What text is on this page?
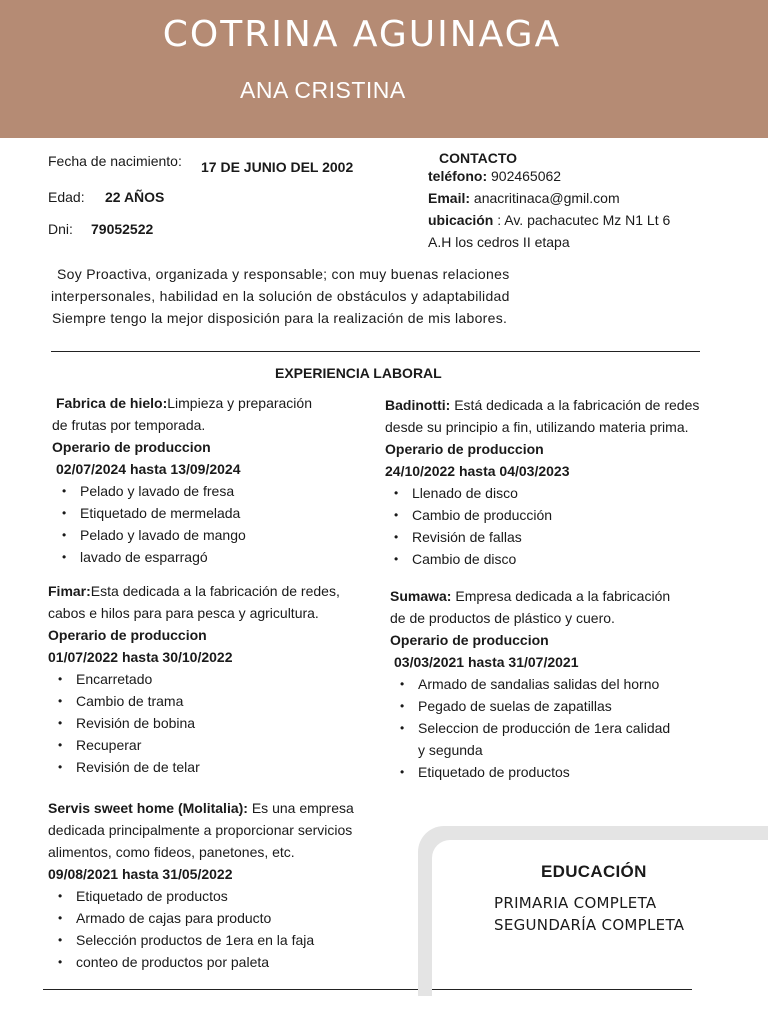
COTRINA AGUINAGA
ANA CRISTINA
Fecha de nacimiento: 17 DE JUNIO DEL 2002
Edad: 22 AÑOS
Dni: 79052522
CONTACTO
teléfono: 902465062
Email: anacritinaca@gmil.com
ubicación : Av. pachacutec Mz N1 Lt 6
A.H los cedros II etapa
Soy Proactiva, organizada y responsable; con muy buenas relaciones
interpersonales, habilidad en la solución de obstáculos y adaptabilidad
Siempre tengo la mejor disposición para la realización de mis labores.
EXPERIENCIA LABORAL
Fabrica de hielo:Limpieza y preparación
de frutas por temporada.
Operario de produccion
02/07/2024 hasta 13/09/2024
• Pelado y lavado de fresa
• Etiquetado de mermelada
• Pelado y lavado de mango
• lavado de esparragó
Badinotti: Está dedicada a la fabricación de redes
desde su principio a fin, utilizando materia prima.
Operario de produccion
24/10/2022 hasta 04/03/2023
• Llenado de disco
• Cambio de producción
• Revisión de fallas
• Cambio de disco
Fimar:Esta dedicada a la fabricación de redes,
cabos e hilos para para pesca y agricultura.
Operario de produccion
01/07/2022 hasta 30/10/2022
• Encarretado
• Cambio de trama
• Revisión de bobina
• Recuperar
• Revisión de de telar
Sumawa: Empresa dedicada a la fabricación
de de productos de plástico y cuero.
Operario de produccion
03/03/2021 hasta 31/07/2021
• Armado de sandalias salidas del horno
• Pegado de suelas de zapatillas
• Seleccion de producción de 1era calidad
y segunda
• Etiquetado de productos
Servis sweet home (Molitalia): Es una empresa
dedicada principalmente a proporcionar servicios
alimentos, como fideos, panetones, etc.
09/08/2021 hasta 31/05/2022
• Etiquetado de productos
• Armado de cajas para producto
• Selección productos de 1era en la faja
• conteo de productos por paleta
EDUCACIÓN
PRIMARIA COMPLETA
SEGUNDARÍA COMPLETA
